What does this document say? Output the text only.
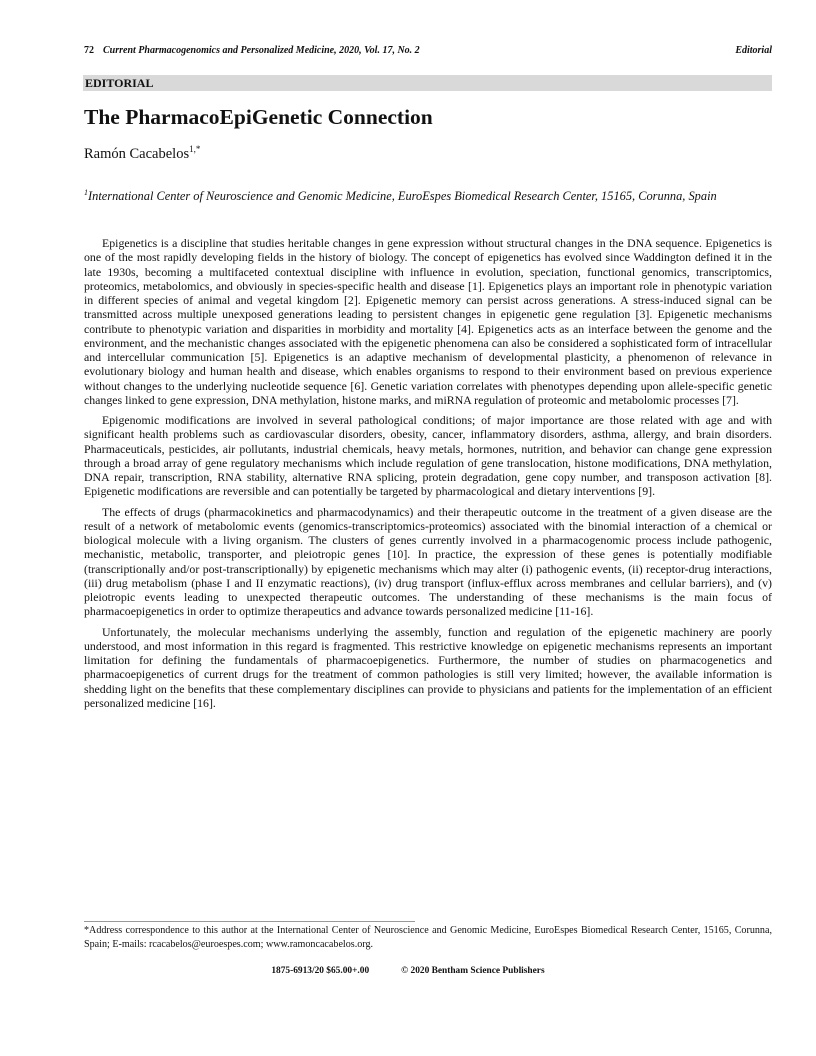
72 Current Pharmacogenomics and Personalized Medicine, 2020, Vol. 17, No. 2	Editorial
EDITORIAL
The PharmacoEpiGenetic Connection
Ramón Cacabelos$^{1,*}$
$^1$International Center of Neuroscience and Genomic Medicine, EuroEspes Biomedical Research Center, 15165, Corunna, Spain

Epigenetics is a discipline that studies heritable changes in gene expression without structural changes in the DNA sequence. Epigenetics is one of the most rapidly developing fields in the history of biology. The concept of epigenetics has evolved since Waddington defined it in the late 1930s, becoming a multifaceted contextual discipline with influence in evolution, speciation, functional genomics, transcriptomics, proteomics, metabolomics, and obviously in species-specific health and disease [1]. Epigenetics plays an important role in phenotypic variation in different species of animal and vegetal kingdom [2]. Epigenetic memory can persist across generations. A stress-induced signal can be transmitted across multiple unexposed generations leading to persistent changes in epigenetic gene regulation [3]. Epigenetic mechanisms contribute to phenotypic variation and disparities in morbidity and mortality [4]. Epigenetics acts as an interface between the genome and the environment, and the mechanistic changes associated with the epigenetic phenomena can also be considered a sophisticated form of intracellular and intercellular communication [5]. Epigenetics is an adaptive mechanism of developmental plasticity, a phenomenon of relevance in evolutionary biology and human health and disease, which enables organisms to respond to their environment based on previous experience without changes to the underlying nucleotide sequence [6]. Genetic variation correlates with phenotypes depending upon allele-specific genetic changes linked to gene expression, DNA methylation, histone marks, and miRNA regulation of proteomic and metabolomic processes [7].

Epigenomic modifications are involved in several pathological conditions; of major importance are those related with age and with significant health problems such as cardiovascular disorders, obesity, cancer, inflammatory disorders, asthma, allergy, and brain disorders. Pharmaceuticals, pesticides, air pollutants, industrial chemicals, heavy metals, hormones, nutrition, and behavior can change gene expression through a broad array of gene regulatory mechanisms which include regulation of gene translocation, histone modifications, DNA methylation, DNA repair, transcription, RNA stability, alternative RNA splicing, protein degradation, gene copy number, and transposon activation [8]. Epigenetic modifications are reversible and can potentially be targeted by pharmacological and dietary interventions [9].

The effects of drugs (pharmacokinetics and pharmacodynamics) and their therapeutic outcome in the treatment of a given disease are the result of a network of metabolomic events (genomics-transcriptomics-proteomics) associated with the binomial interaction of a chemical or biological molecule with a living organism. The clusters of genes currently involved in a pharmacogenomic process include pathogenic, mechanistic, metabolic, transporter, and pleiotropic genes [10]. In practice, the expression of these genes is potentially modifiable (transcriptionally and/or post-transcriptionally) by epigenetic mechanisms which may alter (i) pathogenic events, (ii) receptor-drug interactions, (iii) drug metabolism (phase I and II enzymatic reactions), (iv) drug transport (influx-efflux across membranes and cellular barriers), and (v) pleiotropic events leading to unexpected therapeutic outcomes. The understanding of these mechanisms is the main focus of pharmacoepigenetics in order to optimize therapeutics and advance towards personalized medicine [11-16].

Unfortunately, the molecular mechanisms underlying the assembly, function and regulation of the epigenetic machinery are poorly understood, and most information in this regard is fragmented. This restrictive knowledge on epigenetic mechanisms represents an important limitation for defining the fundamentals of pharmacoepigenetics. Furthermore, the number of studies on pharmacogenetics and pharmacoepigenetics of current drugs for the treatment of common pathologies is still very limited; however, the available information is shedding light on the benefits that these complementary disciplines can provide to physicians and patients for the implementation of an efficient personalized medicine [16].

*Address correspondence to this author at the International Center of Neuroscience and Genomic Medicine, EuroEspes Biomedical Research Center, 15165, Corunna, Spain; E-mails: rcacabelos@euroespes.com; www.ramoncacabelos.org.
1875-6913/20 $65.00+.00	© 2020 Bentham Science Publishers
